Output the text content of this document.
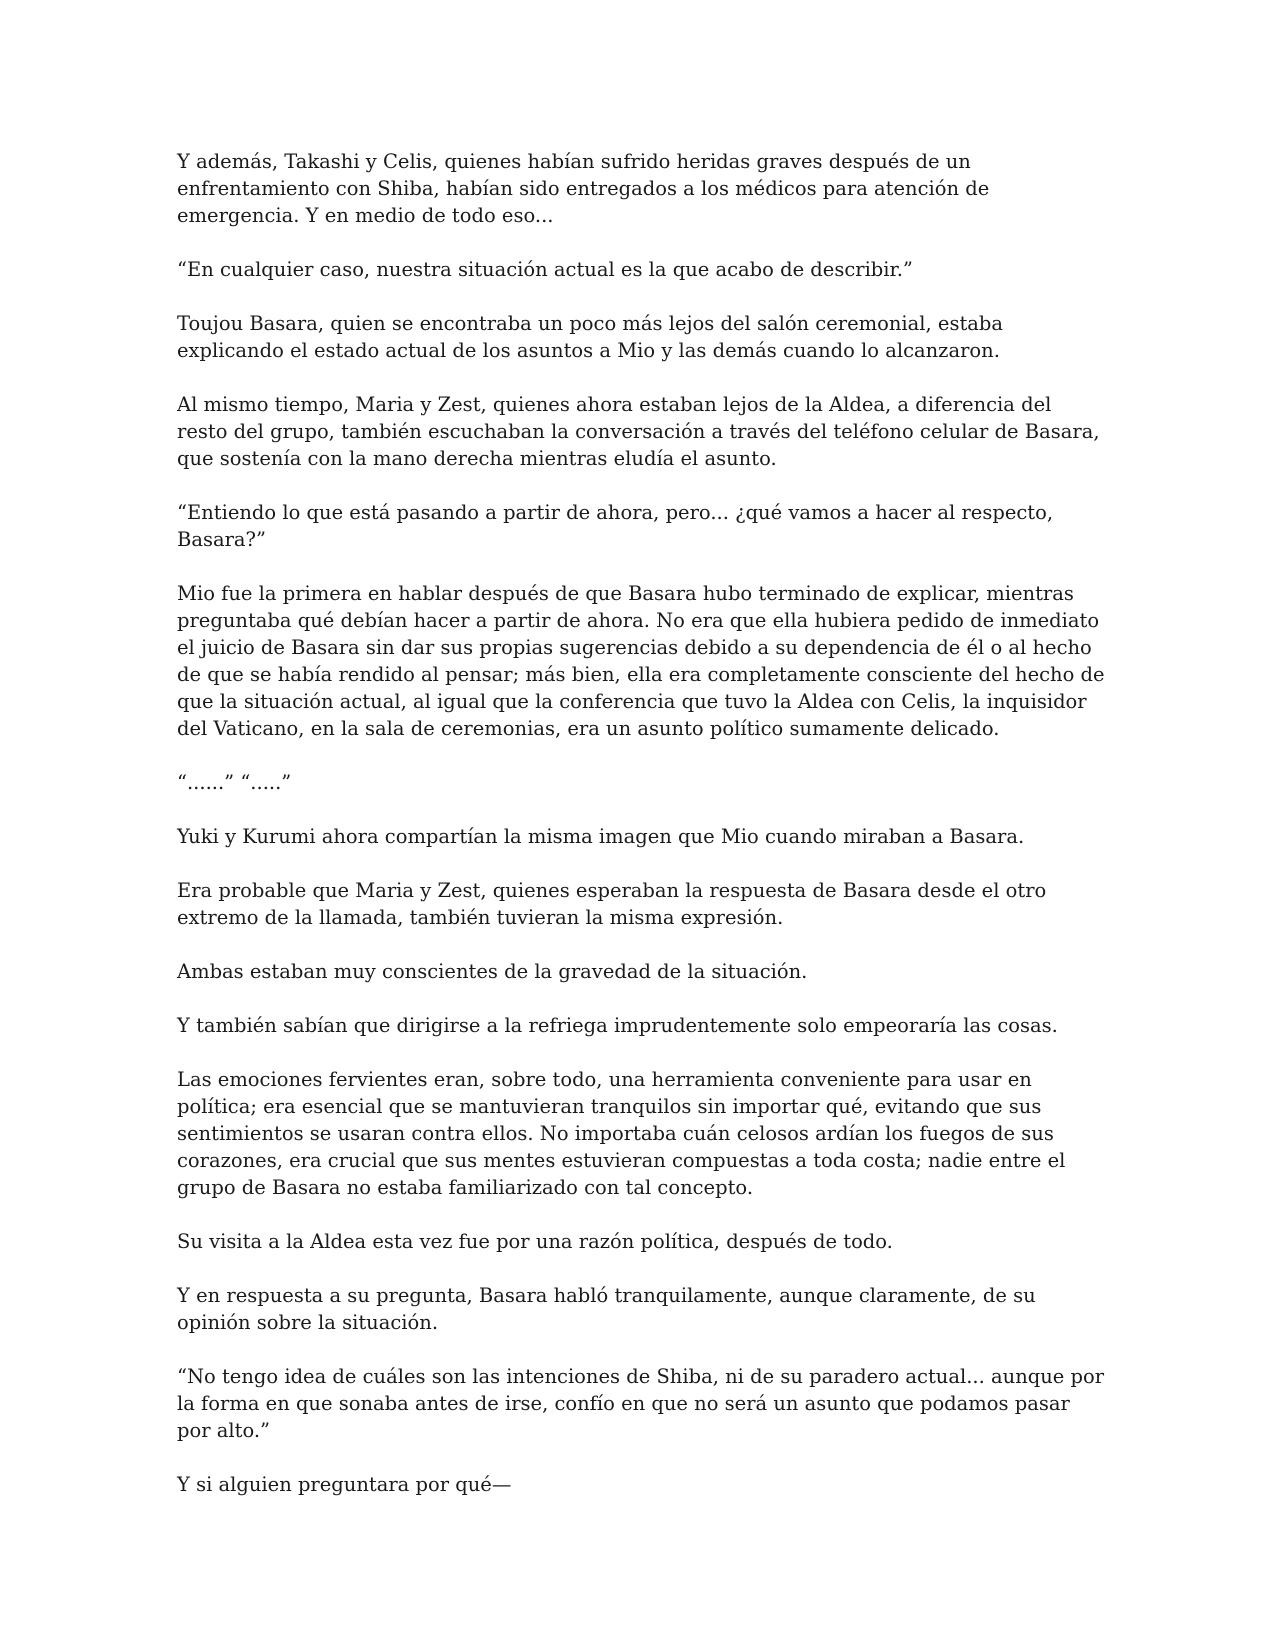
Y además, Takashi y Celis, quienes habían sufrido heridas graves después de un enfrentamiento con Shiba, habían sido entregados a los médicos para atención de emergencia. Y en medio de todo eso...

“En cualquier caso, nuestra situación actual es la que acabo de describir.”

Toujou Basara, quien se encontraba un poco más lejos del salón ceremonial, estaba explicando el estado actual de los asuntos a Mio y las demás cuando lo alcanzaron.

Al mismo tiempo, Maria y Zest, quienes ahora estaban lejos de la Aldea, a diferencia del resto del grupo, también escuchaban la conversación a través del teléfono celular de Basara, que sostenía con la mano derecha mientras eludía el asunto.

“Entiendo lo que está pasando a partir de ahora, pero... ¿qué vamos a hacer al respecto, Basara?”

Mio fue la primera en hablar después de que Basara hubo terminado de explicar, mientras preguntaba qué debían hacer a partir de ahora. No era que ella hubiera pedido de inmediato el juicio de Basara sin dar sus propias sugerencias debido a su dependencia de él o al hecho de que se había rendido al pensar; más bien, ella era completamente consciente del hecho de que la situación actual, al igual que la conferencia que tuvo la Aldea con Celis, la inquisidor del Vaticano, en la sala de ceremonias, era un asunto político sumamente delicado.

“......” “.....”

Yuki y Kurumi ahora compartían la misma imagen que Mio cuando miraban a Basara.

Era probable que Maria y Zest, quienes esperaban la respuesta de Basara desde el otro extremo de la llamada, también tuvieran la misma expresión.

Ambas estaban muy conscientes de la gravedad de la situación.

Y también sabían que dirigirse a la refriega imprudentemente solo empeoraría las cosas.

Las emociones fervientes eran, sobre todo, una herramienta conveniente para usar en política; era esencial que se mantuvieran tranquilos sin importar qué, evitando que sus sentimientos se usaran contra ellos. No importaba cuán celosos ardían los fuegos de sus corazones, era crucial que sus mentes estuvieran compuestas a toda costa; nadie entre el grupo de Basara no estaba familiarizado con tal concepto.

Su visita a la Aldea esta vez fue por una razón política, después de todo.

Y en respuesta a su pregunta, Basara habló tranquilamente, aunque claramente, de su opinión sobre la situación.

“No tengo idea de cuáles son las intenciones de Shiba, ni de su paradero actual... aunque por la forma en que sonaba antes de irse, confío en que no será un asunto que podamos pasar por alto.”

Y si alguien preguntara por qué—
